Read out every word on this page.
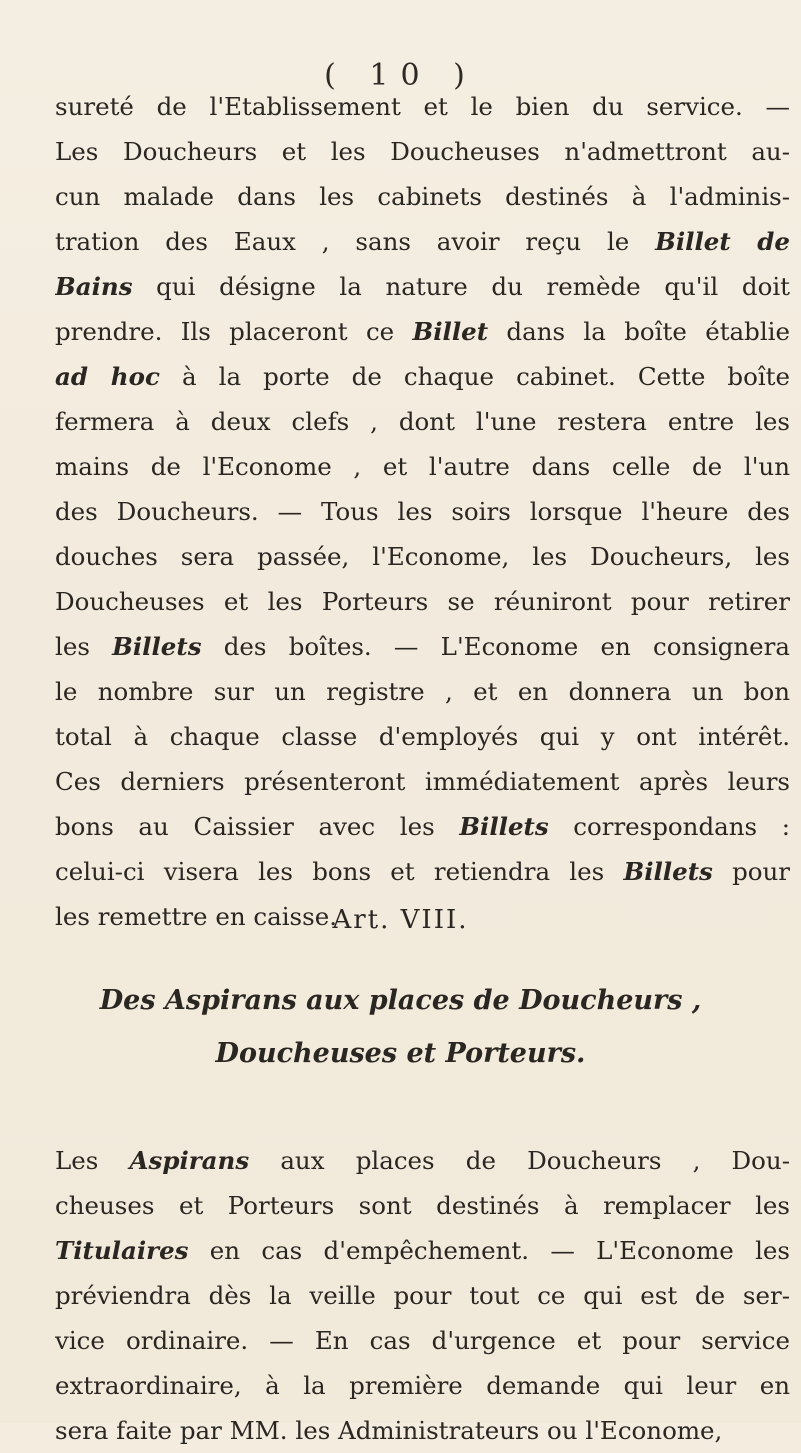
( 10 )
sureté de l'Etablissement et le bien du service. —
Les Doucheurs et les Doucheuses n'admettront au-
cun malade dans les cabinets destinés à l'adminis-
tration des Eaux , sans avoir reçu le Billet de
Bains qui désigne la nature du remède qu'il doit
prendre. Ils placeront ce Billet dans la boîte établie
ad hoc à la porte de chaque cabinet. Cette boîte
fermera à deux clefs , dont l'une restera entre les
mains de l'Econome , et l'autre dans celle de l'un
des Doucheurs. — Tous les soirs lorsque l'heure des
douches sera passée, l'Econome, les Doucheurs, les
Doucheuses et les Porteurs se réuniront pour retirer
les Billets des boîtes. — L'Econome en consignera
le nombre sur un registre , et en donnera un bon
total à chaque classe d'employés qui y ont intérêt.
Ces derniers présenteront immédiatement après leurs
bons au Caissier avec les Billets correspondans :
celui-ci visera les bons et retiendra les Billets pour
les remettre en caisse.
Art. VIII.
Des Aspirans aux places de Doucheurs ,
Doucheuses et Porteurs.
Les Aspirans aux places de Doucheurs , Dou-
cheuses et Porteurs sont destinés à remplacer les
Titulaires en cas d'empêchement. — L'Econome les
préviendra dès la veille pour tout ce qui est de ser-
vice ordinaire. — En cas d'urgence et pour service
extraordinaire, à la première demande qui leur en
sera faite par MM. les Administrateurs ou l'Econome,
